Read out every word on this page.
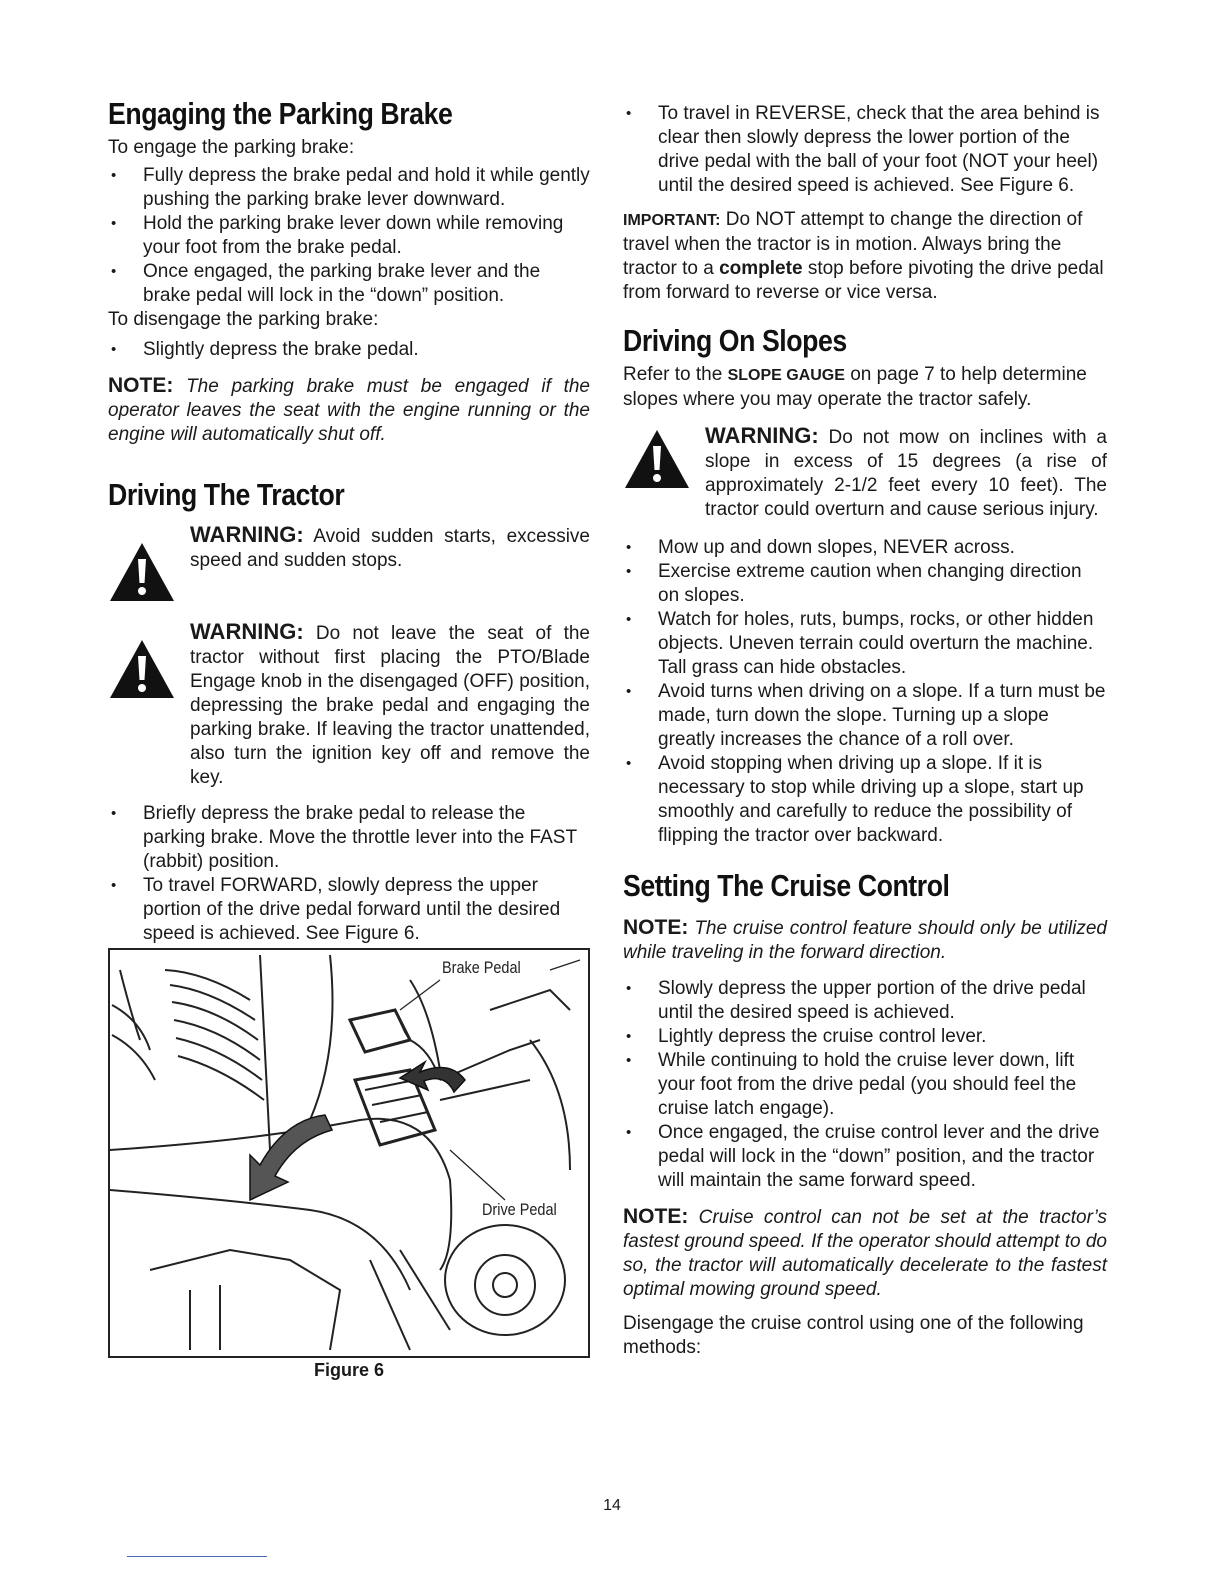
Engaging the Parking Brake

To engage the parking brake:

• Fully depress the brake pedal and hold it while gently pushing the parking brake lever downward.
• Hold the parking brake lever down while removing your foot from the brake pedal.
• Once engaged, the parking brake lever and the brake pedal will lock in the “down” position.

To disengage the parking brake:

• Slightly depress the brake pedal.

NOTE: The parking brake must be engaged if the operator leaves the seat with the engine running or the engine will automatically shut off.

Driving The Tractor
WARNING: Avoid sudden starts, excessive speed and sudden stops.
WARNING: Do not leave the seat of the tractor without first placing the PTO/Blade Engage knob in the disengaged (OFF) position, depressing the brake pedal and engaging the parking brake. If leaving the tractor unattended, also turn the ignition key off and remove the key.
• Briefly depress the brake pedal to release the parking brake. Move the throttle lever into the FAST (rabbit) position.
• To travel FORWARD, slowly depress the upper portion of the drive pedal forward until the desired speed is achieved. See Figure 6.
Brake Pedal
Drive Pedal
Figure 6
• To travel in REVERSE, check that the area behind is clear then slowly depress the lower portion of the drive pedal with the ball of your foot (NOT your heel) until the desired speed is achieved. See Figure 6.

IMPORTANT: Do NOT attempt to change the direction of travel when the tractor is in motion. Always bring the tractor to a complete stop before pivoting the drive pedal from forward to reverse or vice versa.

Driving On Slopes

Refer to the SLOPE GAUGE on page 7 to help determine slopes where you may operate the tractor safely.

WARNING: Do not mow on inclines with a slope in excess of 15 degrees (a rise of approximately 2-1/2 feet every 10 feet). The tractor could overturn and cause serious injury.
• Mow up and down slopes, NEVER across.
• Exercise extreme caution when changing direction on slopes.
• Watch for holes, ruts, bumps, rocks, or other hidden objects. Uneven terrain could overturn the machine. Tall grass can hide obstacles.
• Avoid turns when driving on a slope. If a turn must be made, turn down the slope. Turning up a slope greatly increases the chance of a roll over.
• Avoid stopping when driving up a slope. If it is necessary to stop while driving up a slope, start up smoothly and carefully to reduce the possibility of flipping the tractor over backward.
Setting The Cruise Control

NOTE: The cruise control feature should only be utilized while traveling in the forward direction.

• Slowly depress the upper portion of the drive pedal until the desired speed is achieved.
• Lightly depress the cruise control lever.
• While continuing to hold the cruise lever down, lift your foot from the drive pedal (you should feel the cruise latch engage).
• Once engaged, the cruise control lever and the drive pedal will lock in the “down” position, and the tractor will maintain the same forward speed.

NOTE: Cruise control can not be set at the tractor’s fastest ground speed. If the operator should attempt to do so, the tractor will automatically decelerate to the fastest optimal mowing ground speed.

Disengage the cruise control using one of the following methods:

14
